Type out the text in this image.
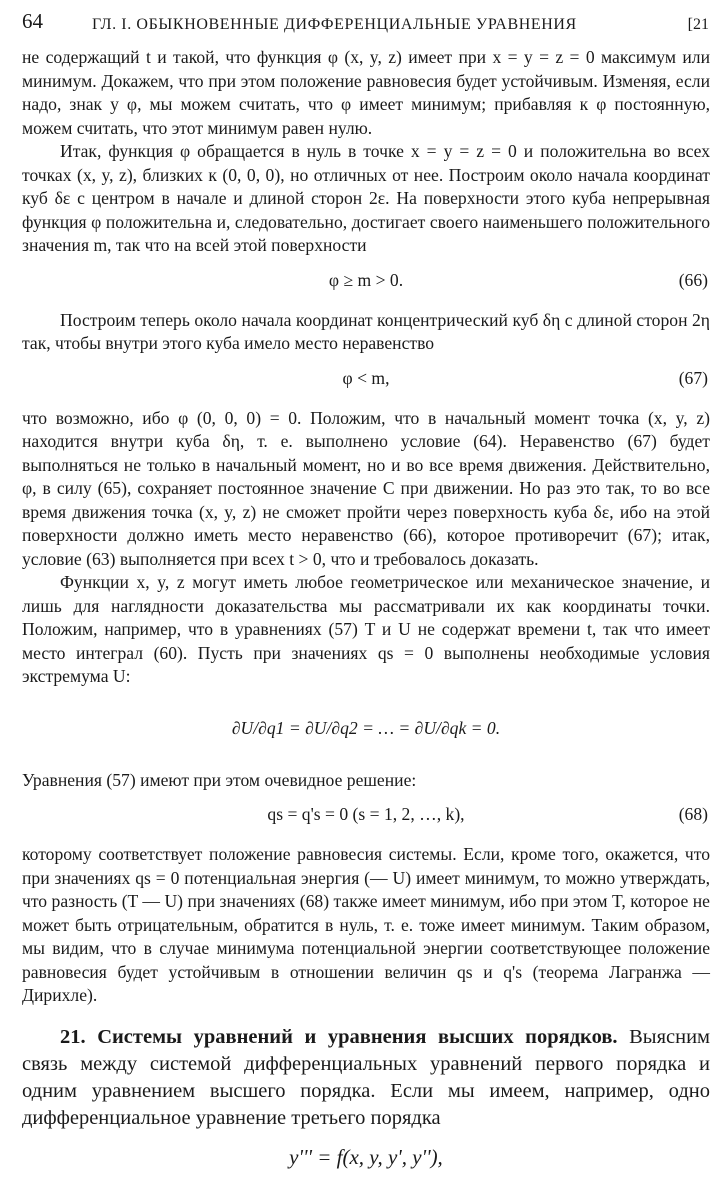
64	ГЛ. I. ОБЫКНОВЕННЫЕ ДИФФЕРЕНЦИАЛЬНЫЕ УРАВНЕНИЯ	[21

не содержащий t и такой, что функция φ (x, y, z) имеет при x = y = z = 0 максимум или минимум. Докажем, что при этом положение равновесия будет устойчивым. Изменяя, если надо, знак у φ, мы можем считать, что φ имеет минимум; прибавляя к φ постоянную, можем считать, что этот минимум равен нулю.

Итак, функция φ обращается в нуль в точке x = y = z = 0 и положительна во всех точках (x, y, z), близких к (0, 0, 0), но отличных от нее. Построим около начала координат куб δε с центром в начале и длиной сторон 2ε. На поверхности этого куба непрерывная функция φ положительна и, следовательно, достигает своего наименьшего положительного значения m, так что на всей этой поверхности

φ ≥ m > 0.	(66)

Построим теперь около начала координат концентрический куб δη с длиной сторон 2η так, чтобы внутри этого куба имело место неравенство

φ < m,	(67)

что возможно, ибо φ (0, 0, 0) = 0. Положим, что в начальный момент точка (x, y, z) находится внутри куба δη, т. е. выполнено условие (64). Неравенство (67) будет выполняться не только в начальный момент, но и во все время движения. Действительно, φ, в силу (65), сохраняет постоянное значение C при движении. Но раз это так, то во все время движения точка (x, y, z) не сможет пройти через поверхность куба δε, ибо на этой поверхности должно иметь место неравенство (66), которое противоречит (67); итак, условие (63) выполняется при всех t > 0, что и требовалось доказать.

Функции x, y, z могут иметь любое геометрическое или механическое значение, и лишь для наглядности доказательства мы рассматривали их как координаты точки. Положим, например, что в уравнениях (57) T и U не содержат времени t, так что имеет место интеграл (60). Пусть при значениях qs = 0 выполнены необходимые условия экстремума U:

∂U/∂q1 = ∂U/∂q2 = … = ∂U/∂qk = 0.

Уравнения (57) имеют при этом очевидное решение:

qs = q's = 0 (s = 1, 2, …, k),	(68)

которому соответствует положение равновесия системы. Если, кроме того, окажется, что при значениях qs = 0 потенциальная энергия (— U) имеет минимум, то можно утверждать, что разность (T — U) при значениях (68) также имеет минимум, ибо при этом T, которое не может быть отрицательным, обратится в нуль, т. е. тоже имеет минимум. Таким образом, мы видим, что в случае минимума потенциальной энергии соответствующее положение равновесия будет устойчивым в отношении величин qs и q's (теорема Лагранжа — Дирихле).

21. Системы уравнений и уравнения высших порядков. Выясним связь между системой дифференциальных уравнений первого порядка и одним уравнением высшего порядка. Если мы имеем, например, одно дифференциальное уравнение третьего порядка

y''' = f(x, y, y', y''),
